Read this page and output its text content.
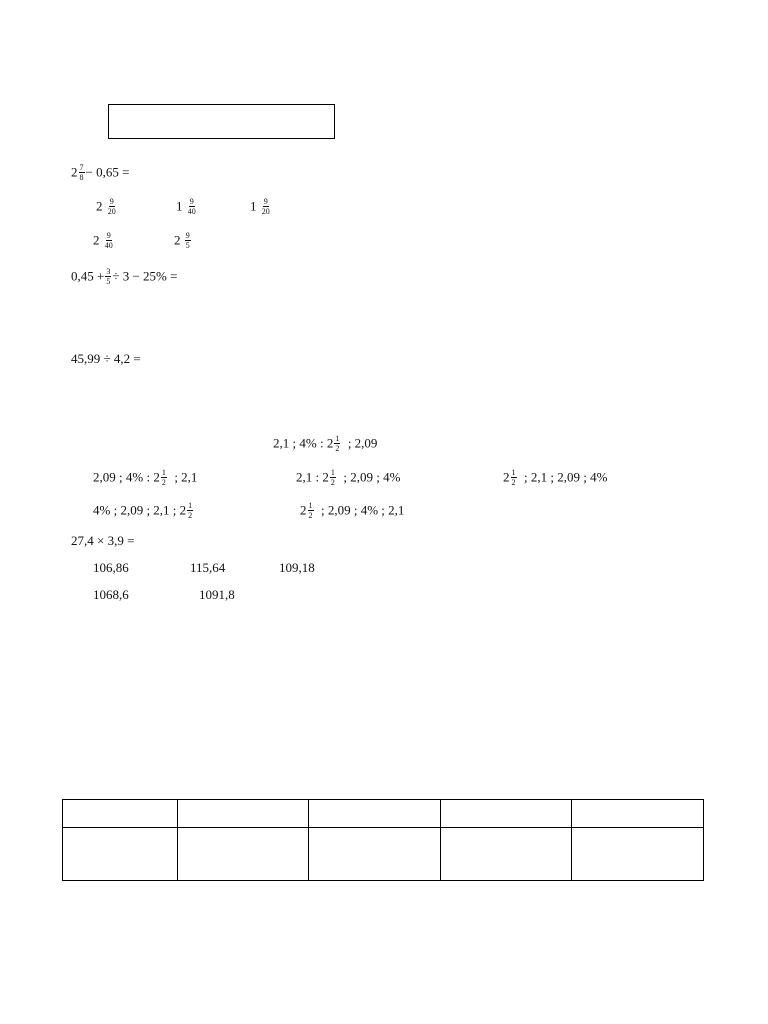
$2 \frac{7}{8} - 0,65$ =
$2 \frac{9}{20}$	$1 \frac{9}{40}$	$1 \frac{9}{20}$
$2 \frac{9}{40}$	$2 \frac{9}{5}$
$0,45 + \frac{3}{5} \div 3 - 25\%$ =
45,99 ÷ 4,2 =
2,1 ; 4% : $2 \frac{1}{2}$ ; 2,09
2,09 ; 4% : $2 \frac{1}{2}$ ; 2,1	2,1 : $2 \frac{1}{2}$ ; 2,09 ; 4%	$2 \frac{1}{2}$ ; 2,1 ; 2,09 ; 4%
4% ; 2,09 ; 2,1 ; $2 \frac{1}{2}$	$2 \frac{1}{2}$ ; 2,09 ; 4% ; 2,1
27,4 × 3,9 =
106,86	115,64	109,18
1068,6	1091,8
